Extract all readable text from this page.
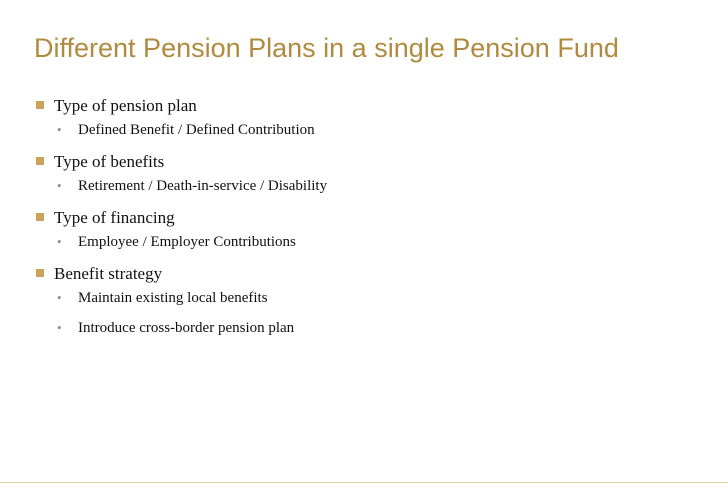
Different Pension Plans in a single Pension Fund
Type of pension plan
• Defined Benefit / Defined Contribution
Type of benefits
• Retirement / Death-in-service / Disability
Type of financing
• Employee / Employer Contributions
Benefit strategy
• Maintain existing local benefits
• Introduce cross-border pension plan
